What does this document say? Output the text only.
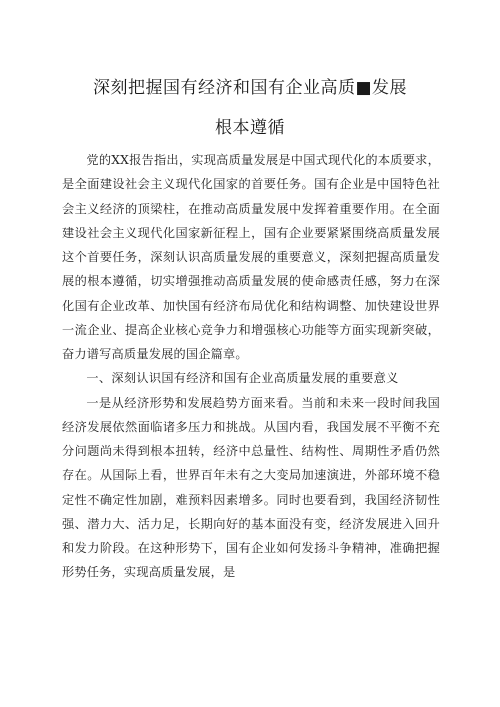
深刻把握国有经济和国有企业高质■发展
根本遵循

党的XX报告指出，实现高质量发展是中国式现代化的本质要求，是全面建设社会主义现代化国家的首要任务。国有企业是中国特色社会主义经济的顶梁柱，在推动高质量发展中发挥着重要作用。在全面建设社会主义现代化国家新征程上，国有企业要紧紧围绕高质量发展这个首要任务，深刻认识高质量发展的重要意义，深刻把握高质量发展的根本遵循，切实增强推动高质量发展的使命感责任感，努力在深化国有企业改革、加快国有经济布局优化和结构调整、加快建设世界一流企业、提高企业核心竞争力和增强核心功能等方面实现新突破，奋力谱写高质量发展的国企篇章。

一、深刻认识国有经济和国有企业高质量发展的重要意义

一是从经济形势和发展趋势方面来看。当前和未来一段时间我国经济发展依然面临诸多压力和挑战。从国内看，我国发展不平衡不充分问题尚未得到根本扭转，经济中总量性、结构性、周期性矛盾仍然存在。从国际上看，世界百年未有之大变局加速演进，外部环境不稳定性不确定性加剧，难预料因素增多。同时也要看到，我国经济韧性强、潜力大、活力足，长期向好的基本面没有变，经济发展进入回升和发力阶段。在这种形势下，国有企业如何发扬斗争精神，准确把握形势任务，实现高质量发展，是
